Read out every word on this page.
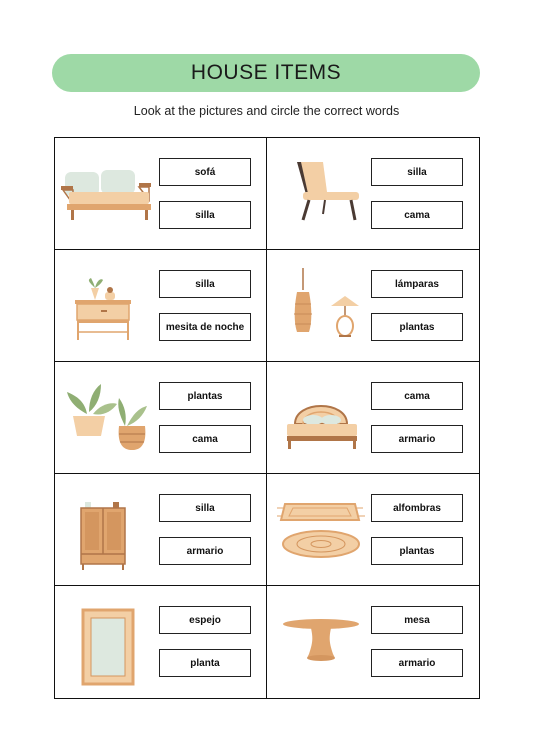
HOUSE ITEMS
Look at the pictures and circle the correct words
sofá
silla
silla
cama
silla
mesita de noche
lámparas
plantas
plantas
cama
cama
armario
silla
armario
alfombras
plantas
espejo
planta
mesa
armario
